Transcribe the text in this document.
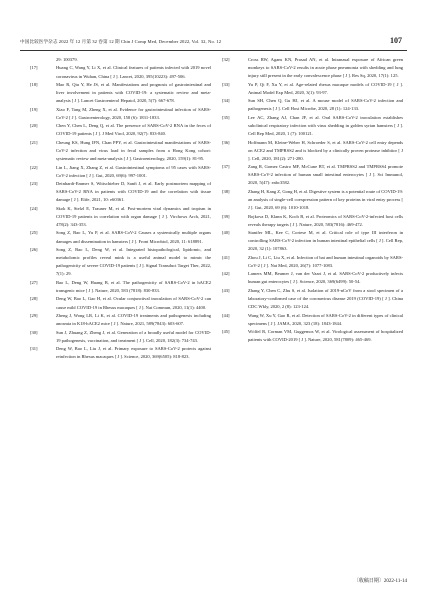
中国比较医学杂志 2022 年 12 月第 32 卷第 12 期 Chin J Comp Med, December 2022, Vol. 32, No. 12	107
29: 100379.
[17]	Huang C, Wang Y, Li X, et al. Clinical features of patients infected with 2019 novel coronavirus in Wuhan, China [ J ]. Lancet, 2020, 395(10223): 497-506.
[18]	Mao R, Qiu Y, He JS, et al. Manifestations and prognosis of gastrointestinal and liver involvement in patients with COVID-19: a systematic review and meta-analysis [ J ]. Lancet Gastroenterol Hepatol, 2020, 5(7): 667-678.
[19]	Xiao F, Tang M, Zheng X, et al. Evidence for gastrointestinal infection of SARS-CoV-2 [ J ]. Gastroenterology, 2020, 158 (6): 1831-1833.
[20]	Chen Y, Chen L, Deng Q, et al. The presence of SARS-CoV-2 RNA in the feces of COVID-19 patients [ J ]. J Med Virol, 2020, 92(7): 833-840.
[21]	Cheung KS, Hung IFN, Chan PPY, et al. Gastrointestinal manifestations of SARS-CoV-2 infection and virus load in fecal samples from a Hong Kong cohort: systematic review and meta-analysis [ J ]. Gastroenterology, 2020, 159(1): 81-95.
[22]	Lin L, Jiang X, Zhang Z, et al. Gastrointestinal symptoms of 95 cases with SARS-CoV-2 infection [ J ]. Gut, 2020, 69(6): 997-1001.
[23]	Deinhardt-Emmer S, Wittschieber D, Sanft J, et al. Early postmortem mapping of SARS-CoV-2 RNA in patients with COVID-19 and the correlation with tissue damage [ J ]. Elife, 2021, 10: e60361.
[24]	Skok K, Stelzl E, Trauner M, et al. Post-mortem viral dynamics and tropism in COVID-19 patients in correlation with organ damage [ J ]. Virchows Arch, 2021, 478(2): 343-353.
[25]	Song Z, Bao L, Yu P, et al. SARS-CoV-2 Causes a systemically multiple organs damages and dissemination in hamsters [ J ]. Front Microbiol, 2020, 11: 618891.
[26]	Song Z, Bao L, Deng W, et al. Integrated histopathological, lipidomic, and metabolomic profiles reveal mink is a useful animal model to mimic the pathogenicity of severe COVID-19 patients [ J ]. Signal Transduct Target Ther, 2022, 7(1): 29.
[27]	Bao L, Deng W, Huang B, et al. The pathogenicity of SARS-CoV-2 in hACE2 transgenic mice [ J ]. Nature, 2020, 583 (7818): 830-833.
[28]	Deng W, Bao L, Gao H, et al. Ocular conjunctival inoculation of SARS-CoV-2 can cause mild COVID-19 in Rhesus macaques [ J ]. Nat Commun, 2020, 11(1): 4400.
[29]	Zheng J, Wong LR, Li K, et al. COVID-19 treatments and pathogenesis including anosmia in K18-hACE2 mice [ J ]. Nature, 2021, 589(7843): 603-607.
[30]	Sun J, Zhuang Z, Zheng J, et al. Generation of a broadly useful model for COVID-19 pathogenesis, vaccination, and treatment [ J ]. Cell, 2020, 182(3): 734-743.
[31]	Deng W, Bao L, Liu J, et al. Primary exposure to SARS-CoV-2 protects against reinfection in Rhesus macaques [ J ]. Science, 2020, 369(6505): 818-823.
[32]	Cross RW, Agans KN, Prasad AN, et al. Intranasal exposure of African green monkeys to SARS-CoV-2 results in acute phase pneumonia with shedding and lung injury still present in the early convalescence phase [ J ]. Res Sq, 2020, 17(1): 125.
[33]	Yu P, Qi F, Xu Y, et al. Age-related rhesus macaque models of COVID-19 [ J ]. Animal Model Exp Med, 2020, 3(1): 93-97.
[34]	Sun SH, Chen Q, Gu HJ, et al. A mouse model of SARS-CoV-2 infection and pathogenesis [ J ]. Cell Host Microbe, 2020, 28 (1): 124-133.
[35]	Lee AC, Zhang AJ, Chan JF, et al. Oral SARS-CoV-2 inoculation establishes subclinical respiratory infection with virus shedding in golden syrian hamsters [ J ]. Cell Rep Med, 2020, 1 (7): 100121.
[36]	Hoffmann M, Kleine-Weber H, Schroeder S, et al. SARS-CoV-2 cell entry depends on ACE2 and TMPRSS2 and is blocked by a clinically proven protease inhibitor [ J ]. Cell, 2020, 181(2): 271-280.
[37]	Zang R, Gomez Castro MF, McCune BT, et al. TMPRSS2 and TMPRSS4 promote SARS-CoV-2 infection of human small intestinal enterocytes [ J ]. Sci Immunol, 2020, 5(47): eabc3582.
[38]	Zhang H, Kang Z, Gong H, et al. Digestive system is a potential route of COVID-19: an analysis of single-cell coexpression pattern of key proteins in viral entry process [ J ]. Gut, 2020, 69 (6): 1010-1018.
[39]	Bojkova D, Klann K, Koch B, et al. Proteomics of SARS-CoV-2-infected host cells reveals therapy targets [ J ]. Nature, 2020, 583(7816): 469-472.
[40]	Stanifer ML, Kee C, Cortese M, et al. Critical role of type III interferon in controlling SARS-CoV-2 infection in human intestinal epithelial cells [ J ]. Cell Rep, 2020, 32 (1): 107863.
[41]	Zhou J, Li C, Liu X, et al. Infection of bat and human intestinal organoids by SARS-CoV-2 [ J ]. Nat Med, 2020, 26(7): 1077-1083.
[42]	Lamers MM, Beumer J, van der Vaart J, et al. SARS-CoV-2 productively infects human gut enterocytes [ J ]. Science, 2020, 369(6499): 50-54.
[43]	Zhang Y, Chen C, Zhu S, et al. Isolation of 2019-nCoV from a stool specimen of a laboratory-confirmed case of the coronavirus disease 2019 (COVID-19) [ J ]. China CDC Wkly, 2020, 2 (8): 123-124.
[44]	Wang W, Xu Y, Gao R, et al. Detection of SARS-CoV-2 in different types of clinical specimens [ J ]. JAMA, 2020, 323 (18): 1843-1844.
[45]	Wölfel R, Corman VM, Guggemos W, et al. Virological assessment of hospitalized patients with COVID-2019 [ J ]. Nature, 2020, 581(7809): 465-469.
〔收稿日期〕2022-11-14
